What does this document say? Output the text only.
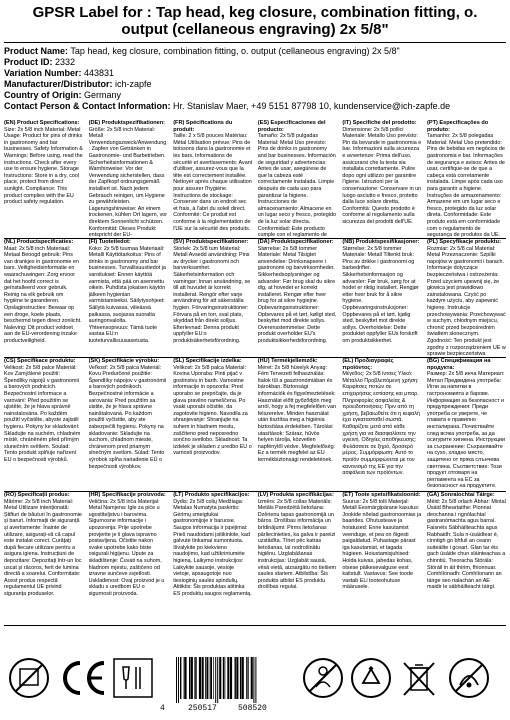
GPSR Label for : Tap head, keg closure, combination fitting, o. output (cellaneous engraving) 2x 5/8"
Product Name: Tap head, keg closure, combination fitting, o. output (cellaneous engraving) 2x 5/8"
Product ID: 2332
Variation Number: 443831
Manufacturer/Distributor: ich-zapfe
Country of Origin: Germany
Contact Person & Contact Information: Hr. Stanislav Maer, +49 5151 87798 10, kundenservice@ich-zapfe.de

(EN) Product Specifications:

Size: 2x 5/8 inch Material: Metal Usage: Product for pins of drinks in gastronomy and bar businesses. Safety Information & Warnings: Before using, read the instructions. Check after every use to ensure hygiene. Storage Instructions: Store in a dry, cool place, protect from direct sunlight. Compliance: This product complies with the EU product safety regulation.

(DE) Produktspezifikationen:

Größe: 2x 5/8 inch Material: Metall Verwendungszweck/Anwendung: Zapfen von Getränken in Gastronomie- und Barbetrieben. Sicherheitsinformationen & Warnhinweise: Vor der Verwendung sicherstellen, dass der Zapfkopf ordnungsgemäß installiert ist. Nach jedem Gebrauch reinigen, um Hygiene zu gewährleisten. Lagerungshinweise: An einem trockenen, kühlen Ort lagern, vor direktem Sonnenlicht schützen. Konformität: Dieses Produkt entspricht der EU-

(FR) Spécifications du produit:

Taille: 2 x 5/8 pouces Matériau: Métal Utilisation prévue: Pins de boissons dans la gastronomie et les bars. Informations de sécurité et avertissements: Avant d'utiliser, assurez-vous que la tête est correctement installée. Nettoyer après chaque utilisation pour assurer l'hygiène. Instructions de stockage: Conserver dans un endroit sec et frais, à l'abri du soleil direct. Conformité: Ce produit est conforme à la réglementation de l'UE sur la sécurité des produits.

(ES) Especificaciones del producto:

Tamaño: 2x 5/8 pulgadas Material: Metal Uso previsto: Pins de drinks in gastronomy and bar businesses. Información de seguridad y advertencias: Antes de usar, asegúrese de que la cabeza esté correctamente instalada. Limpie después de cada uso para garantizar la higiene. Instrucciones de almacenamiento: Almacene en un lugar seco y fresco, protegido de la luz solar directa. Conformidad: Este producto cumple con el reglamento de

(IT) Specifiche del prodotto:

Dimensione: 2x 5/8 pollici Materiale: Metallo Uso previsto: Pin da bevande in gastronomia e bar. Informazioni sulla sicurezza e avvertenze: Prima dell'uso, assicurarsi che la testa sia installata correttamente. Pulire dopo ogni utilizzo per garantire l'igiene. Istruzioni per la conservazione: Conservare in un luogo asciutto e fresco, protetto dalla luce solare diretta. Conformità: Questo prodotto è conforme al regolamento sulla sicurezza dei prodotti dell'UE.

(PT) Especificações do produto:

Tamanho: 2x 5/8 polegadas Material: Metal Uso pretendido: Pins de bebidas em negócios de gastronomia e bar. Informações de segurança e avisos: Antes de usar, certifique-se de que a cabeça está corretamente instalada. Limpe após cada uso para garantir a higiene. Instruções de armazenamento: Armazene em um lugar seco e fresco, protegido da luz solar direta. Conformidade: Este produto está em conformidade com o regulamento de segurança de produtos da UE.

(NL) Productspecificaties:

Maat: 2x 5/8 inch Materiaal: Metaal Beoogd gebruik: Pins van drankjes in gastronomie en bars. Veiligheidsinformatie en waarschuwingen: Zorg ervoor dat het hoofd correct is geïnstalleerd voor gebruik. Reinig na elk gebruik om hygiëne te garanderen. Opslaginstructies: Bewaar op een droge, koele plaats, beschermd tegen direct zonlicht. Naleving: Dit product voldoet aan de EU-verordening inzake productveiligheid.

(FI) Tuotetiedot:

Koko: 2x 5/8 tuumaa Materiaali: Metalli Käyttötarkoitus: Pins of drinks in gastronomy and bar businesses. Turvallisuustiedot ja varoitukset: Ennen käyttöä varmista, että pää on asennettu oikein. Puhdista jokaisen käytön jälkeen hygienian varmistamiseksi. Säilytysohjeet: Säilytä kuivassa, viileässä paikassa, suojassa suoralta auringonvalolta. Yhteensopivuus: Tämä tuote vastaa EU:n tuoteturvallisuusasetusta.

(SV) Produktspecifikationer:

Storlek: 2x 5/8 tum Material: Metall Avsedd användning: Pins av drycker i gastronomi och barverksamhet. Säkerhetsinformation och varningar: Innan användning, se till att huvudet är korrekt installerat. Rengör efter varje användning för att säkerställa hygien. Förvaringsinstruktioner: Förvara på en torr, sval plats, skyddad från direkt solljus. Efterlevnad: Denna produkt uppfyller EU:s produktsäkerhetsförordning.

(DA) Produktspecifikationer:

Størrelse: 2x 5/8 tommer Materiale: Metal Tilsigtet anvendelse: Drinksnapsere i gastronomi og barvirksomheder. Sikkerhedsoplysninger og advarsler: Før brug skal du sikre dig, at hovedet er korrekt installeret. Rengør efter hver brug for at sikre hygiejne. Opbevaringsinstruktioner: Opbevares på et tørt, køligt sted, beskyttet mod direkte sollys. Overensstemmelse: Dette produkt overholder EU's produktsikkerhedsforordning.

(NB) Produktspesifikasjoner:

Størrelse: 2x 5/8 tommer Materiale: Metall Tiltenkt bruk: Pins av drikke i gastronomi og barbedrifter. Sikkerhetsinformasjon og advarsler: Før bruk, sørg for at hodet er riktig installert. Rengjør etter hver bruk for å sikre hygiene. Oppbevaringsinstruksjoner: Oppbevares på et tørt, kjølig sted, beskyttet mot direkte sollys. Overholdelse: Dette produktet oppfyller EUs forskrift om produktsikkerhet.

(PL) Specyfikacje produktu:

Rozmiar: 2x 5/8 cal Materiał: Metal Przeznaczenie: Szpilki napojów w gastronomii i barach. Informacje dotyczące bezpieczeństwa i ostrzeżenia: Przed użyciem upewnij się, że głowica jest prawidłowo zainstalowana. Czyść po każdym użyciu, aby zapewnić higienę. Instrukcje przechowywania: Przechowywać w suchym, chłodnym miejscu, chronić przed bezpośrednim światłem słonecznym. Zgodność: Ten produkt jest zgodny z rozporządzeniem UE w sprawie bezpieczeństwa

(CS) Specifikace produktu:

Velikost: 2x 5/8 palce Materiál: Kov Zamýšlené použití: Špendlíky nápojů v gastronomii a barových podnicích. Bezpečnostní informace a varování: Před použitím se ujistěte, že je hlava správně nainstalována. Po každém použití vyčistěte, abyste zajistili hygienu. Pokyny ke skladování: Skladujte na suchém, chladném místě, chráněném před přímým slunečním světlem. Soulad: Tento produkt splňuje nařízení EU o bezpečnosti výrobků.

(SK) Špecifikácie výrobku:

Veľkosť: 2x 5/8 palca Materiál: Kovu Predurčené použitie: Špendlíky nápojov v gastronómii a barových podnikoch. Bezpečnostné informácie a varovania: Pred použitím sa uistite, že je hlava správne nainštalovaná. Po každom použití vyčistite, aby ste zabezpečili hygienu. Pokyny na skladovanie: Skladujte na suchom, chladnom mieste, chránenom pred priamym slnečným svetlom. Súlad: Tento výrobok spĺňa nariadenie EÚ o bezpečnosti výrobkov.

(SL) Specifikacije izdelka:

Velikost: 2x 5/8 palca Material: Kovina Uporaba: Pinti pijač v gostinstvu in barih. Varnostne informacije in opozorila: Pred uporabo se prepričajte, da je glava pravilno nameščena. Po vsaki uporabi očistite, da zagotovite higieno. Navodila za shranjevanje: Shranjujte na suhem in hladnem mestu, zaščiteno pred neposredno sončno svetlobo. Skladnost: Ta izdelek je skladen z uredbo EU o varnosti proizvodov.

(HU) Termékjellemzők:

Méret: 2x 5/8 hüvelyk Anyag: Fém Tervezett felhasználás: Italok tűi a gasztronómiában és bárokban. Biztonsági információk és figyelmeztetések: Használat előtt győződjön meg arról, hogy a fej megfelelően van felszerelve. Minden használat után tisztítsa meg a higiénia biztosítása érdekében. Tárolási utasítások: Száraz, hűvös helyen tárolja, közvetlen napfénytől védve. Megfelelőség: Ez a termék megfelel az EU termékbiztonsági rendeletének.

(EL) Προδιαγραφές προϊόντος:

Μέγεθος: 2x 5/8 ίντσες Υλικό: Μέταλλο Προβλεπόμενη χρήση: Καρφίτσες ποτών σε επιχειρήσεις εστίασης και μπαρ. Πληροφορίες ασφαλείας & προειδοποιήσεις: Πριν από τη χρήση, βεβαιωθείτε ότι η κεφαλή έχει εγκατασταθεί σωστά. Καθαρίζετε μετά από κάθε χρήση για να διασφαλίσετε την υγιεινή. Οδηγίες αποθήκευσης: Φυλάσσετε σε ξηρό, δροσερό μέρος. Συμμόρφωση: Αυτό το προϊόν συμμορφώνεται με τον κανονισμό της ΕΕ για την ασφάλεια των προϊόντων.

(BG) Спецификация на продукта:

Размер: 2x 5/8 инча Материал: Метал Предвидена употреба: Игли за напитки в гастрономията и барове. Информация за безопасност и предупреждения: Преди употреба се уверете, че главата е правилно инсталирана. Почиствайте след всяка употреба, за да осигурите хигиена. Инструкции за съхранение: Съхранявайте на сухо, хладно място, защитено от пряка слънчева светлина. Съответствие: Този продукт отговаря на регламента на ЕС за безопасност на продуктите.

(RO) Specificații produs:

Mărime: 2x 5/8 inch Material: Metal Utilizare intenționată: Știfturi de băuturi în gastronomie și baruri. Informații de siguranță și avertismente: Înainte de utilizare, asigurați-vă că capul este instalat corect. Curățați după fiecare utilizare pentru a asigura igiena. Instrucțiuni de depozitare: Depozitați într-un loc uscat și răcoros, ferit de lumina directă a soarelui. Conformitate: Acest produs respectă regulamentul UE privind siguranța produselor.

(HR) Specifikacije proizvoda:

Veličina: 2x 5/8 inča Materijal: Metal Namjena: Igle za piće u ugostiteljstvu i barovima. Sigurnosne informacije i upozorenja: Prije upotrebe provjerite je li glava ispravno postavljena. Očistite nakon svake upotrebe kako biste osigurali higijenu. Upute za skladištenje: Čuvati na suhom, hladnom mjestu, zaštićeno od izravne sunčeve svjetlosti. Usklađenost: Ovaj proizvod je u skladu s uredbom EU o sigurnosti proizvoda.

(LT) Produkto specifikacijos:

Dydis: 2x 5/8 colių Medžiaga: Metalas Numatyta paskirtis: Gėrimų smeigtukai gastronomijoje ir baruose. Saugos informacija ir įspėjimai: Prieš naudodami įsitikinkite, kad galvutė tinkamai sumontuota. Išvalykite po kiekvieno naudojimo, kad užtikrintumėte higieną. Laikymo instrukcijos: Laikykite sausoje, vėsioje vietoje, apsaugotoje nuo tiesioginių saulės spindulių. Atitiktis: Šis produktas atitinka ES produktų saugos reglamentą.

(LV) Produkta specifikācijas:

Izmērs: 2x 5/8 collas Materiāls: Metāls Paredzētā lietošana: Dzērienu tapas gastronomijā un bāros. Drošības informācija un brīdinājumi: Pirms lietošanas pārliecinieties, ka galva ir pareizi uzstādīta. Tīriet pēc katras lietošanas, lai nodrošinātu higiēnu. Uzglabāšanas instrukcijas: Uzglabāt sausā, vēsā vietā, aizsargātu no tiešiem saules stariem. Atbilstība: Šis produkts atbilst ES produktu drošības regulai.

(ET) Toote spetsifikatsioonid:

Suurus: 2x 5/8 tolli Materjal: Metall Eesmärgipärane kasutus: Jookide nõelad gastronoomias ja baarides. Ohutusteave ja hoiatused: Enne kasutamist veenduge, et pea on õigesti paigaldatud. Puhastage pärast iga kasutamist, et tagada hügieen. Hoiustamisjuhised: Hoida kuivas, jahedas kohas, otsese päikesevalguse eest kaitstult. Vastavus: See toode vastab ELi tooteohutuse määrusele.

(GA) Sonraíochtaí Táirge:

Méid: 2x 5/8 orlach Ábhar: Miotal Úsáid Bheartaithe: Pionnaí deochanna i ngnólachtaí gastranómachta agus barraí. Faisnéis Sábháilteachta agus Rabhaidh: Sula n-úsáidtear é, cinntigh go bhfuil an ceann suiteáilte i gceart. Glan tar éis gach úsáide chun sláinteachas a chinntiú. Treoracha Stórála: Stóráil in áit thirim, fhionnuar. Comhlíonadh: Comhlíonann an táirge seo rialachán an AE maidir le sábháilteacht táirgí.

4	250517	508520
